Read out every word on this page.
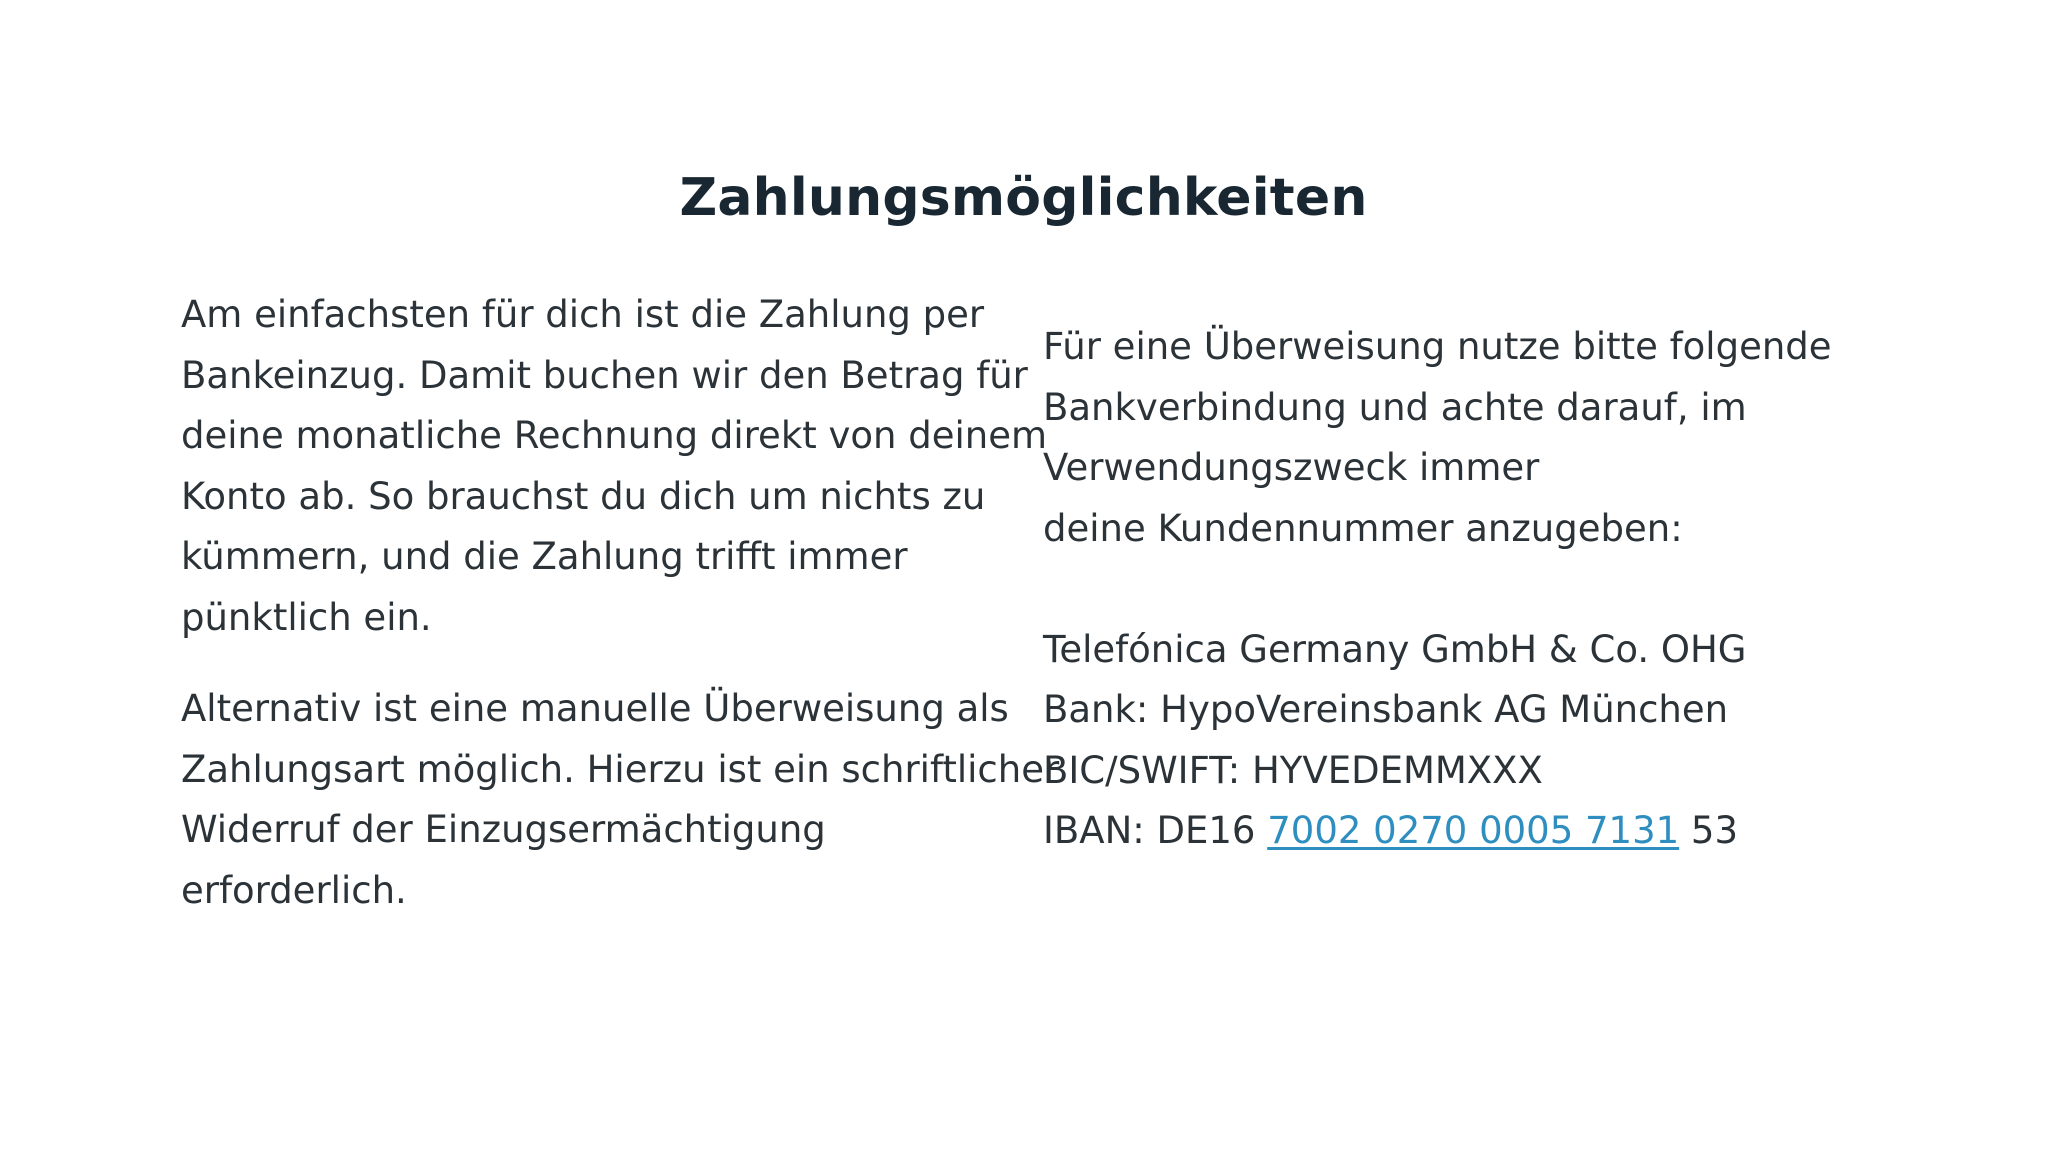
Zahlungsmöglichkeiten

Am einfachsten für dich ist die Zahlung per
Bankeinzug. Damit buchen wir den Betrag für
deine monatliche Rechnung direkt von deinem
Konto ab. So brauchst du dich um nichts zu
kümmern, und die Zahlung trifft immer
pünktlich ein.

Alternativ ist eine manuelle Überweisung als
Zahlungsart möglich. Hierzu ist ein schriftlicher
Widerruf der Einzugsermächtigung
erforderlich.

Für eine Überweisung nutze bitte folgende
Bankverbindung und achte darauf, im
Verwendungszweck immer
deine Kundennummer anzugeben:

Telefónica Germany GmbH & Co. OHG
Bank: HypoVereinsbank AG München
BIC/SWIFT: HYVEDEMMXXX
IBAN: DE16 7002 0270 0005 7131 53
